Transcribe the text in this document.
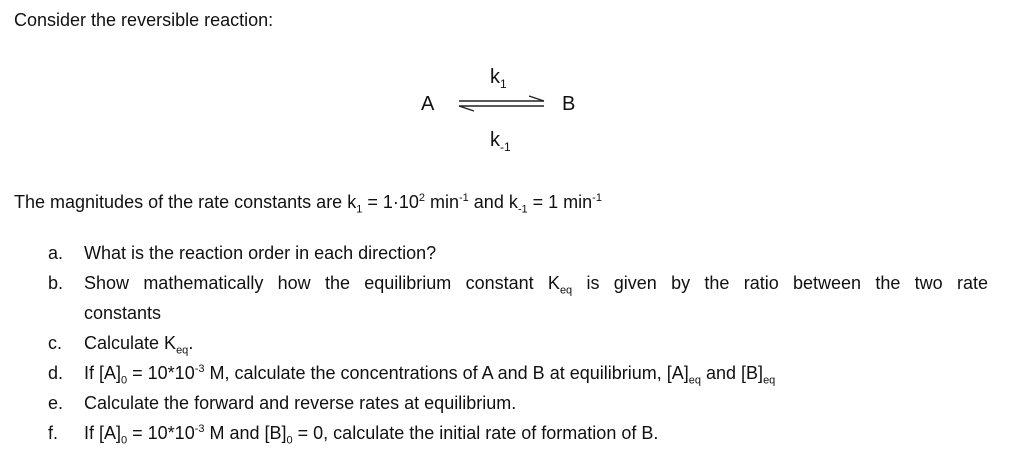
Consider the reversible reaction:
A
$k_1$
B
$k_{-1}$
The magnitudes of the rate constants are $k_1 = 1\cdot 10^2$ $\min^{-1}$ and $k_{-1} = 1$ $\min^{-1}$
a. What is the reaction order in each direction?
b. Show mathematically how the equilibrium constant $K_{eq}$ is given by the ratio between the two rate
constants
c. Calculate $K_{eq}$.
d. If $[A]_0 = 10*10^{-3}$ M, calculate the concentrations of A and B at equilibrium, $[A]_{eq}$ and $[B]_{eq}$
e. Calculate the forward and reverse rates at equilibrium.
f. If $[A]_0 = 10*10^{-3}$ M and $[B]_0 = 0$, calculate the initial rate of formation of B.
